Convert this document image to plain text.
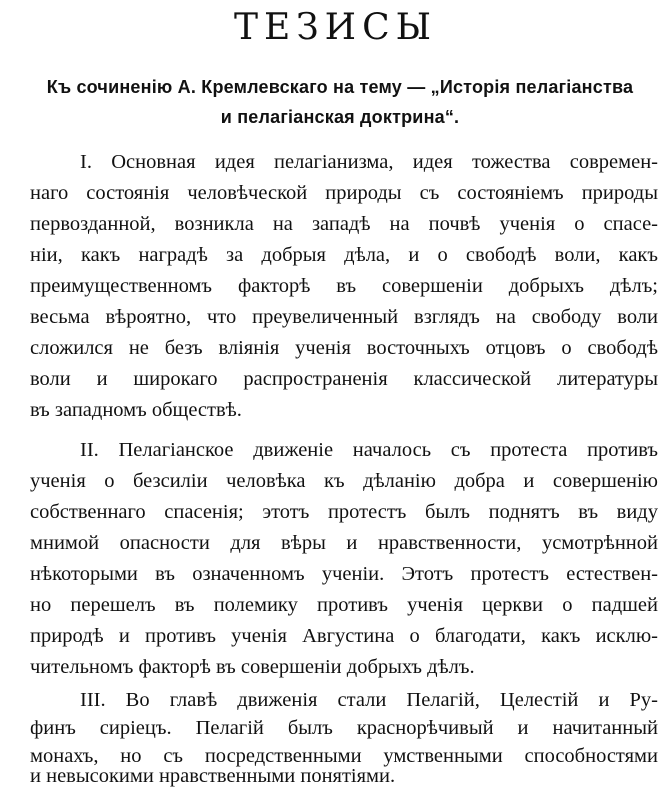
ТЕЗИСЫ
Къ сочиненію А. Кремлевскаго на тему — „Исторія пелагіанства
и пелагіанская доктрина“.
I. Основная идея пелагіанизма, идея тожества современ-
наго состоянія человѣческой природы съ состояніемъ природы
первозданной, возникла на западѣ на почвѣ ученія о спасе-
ніи, какъ наградѣ за добрыя дѣла, и о свободѣ воли, какъ
преимущественномъ факторѣ въ совершеніи добрыхъ дѣлъ;
весьма вѣроятно, что преувеличенный взглядъ на свободу воли
сложился не безъ вліянія ученія восточныхъ отцовъ о свободѣ
воли и широкаго распространенія классической литературы
въ западномъ обществѣ.
II. Пелагіанское движеніе началось съ протеста противъ
ученія о безсиліи человѣка къ дѣланію добра и совершенію
собственнаго спасенія; этотъ протестъ былъ поднятъ въ виду
мнимой опасности для вѣры и нравственности, усмотрѣнной
нѣкоторыми въ означенномъ ученіи. Этотъ протестъ естествен-
но перешелъ въ полемику противъ ученія церкви о падшей
природѣ и противъ ученія Августина о благодати, какъ исклю-
чительномъ факторѣ въ совершеніи добрыхъ дѣлъ.
III. Во главѣ движенія стали Пелагій, Целестій и Ру-
финъ сирiецъ. Пелагій былъ краснорѣчивый и начитанный
монахъ, но съ посредственными умственными способностями
и невысокими нравственными понятіями.
